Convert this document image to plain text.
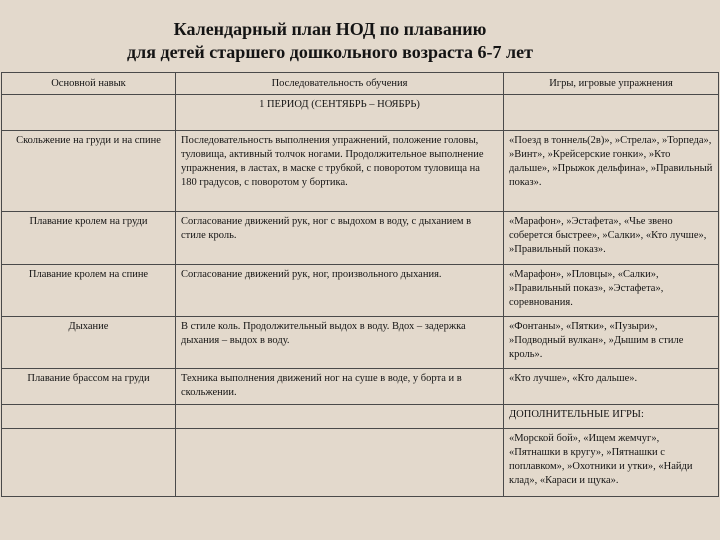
Календарный план НОД по плаванию
для детей старшего дошкольного возраста 6-7 лет
Основной навык	Последовательность обучения	Игры, игровые упражнения
	1 ПЕРИОД (СЕНТЯБРЬ – НОЯБРЬ)	
Скольжение на груди и на спине	Последовательность выполнения упражнений, положение головы, туловища, активный толчок ногами. Продолжительное выполнение упражнения, в ластах, в маске с трубкой, с поворотом туловища на 180 градусов, с поворотом у бортика.	«Поезд в тоннель(2в)», »Стрела», »Торпеда», »Винт», »Крейсерские гонки», »Кто дальше», »Прыжок дельфина», »Правильный показ».
Плавание кролем на груди	Согласование движений рук, ног с выдохом в воду, с дыханием в стиле кроль.	«Марафон», »Эстафета», «Чье звено соберется быстрее», »Салки», «Кто лучше», »Правильный показ».
Плавание кролем на спине	Согласование движений рук, ног, произвольного дыхания.	«Марафон», »Пловцы», «Салки», »Правильный показ», »Эстафета», соревнования.
Дыхание	В стиле коль. Продолжительный выдох в воду. Вдох – задержка дыхания – выдох в воду.	«Фонтаны», «Пятки», «Пузыри», »Подводный вулкан», »Дышим в стиле кроль».
Плавание брассом на груди	Техника выполнения движений ног на суше в воде, у борта и в скольжении.	«Кто лучше», «Кто дальше».
		ДОПОЛНИТЕЛЬНЫЕ ИГРЫ:
		«Морской бой», «Ищем жемчуг», «Пятнашки в кругу», »Пятнашки с поплавком», »Охотники и утки», «Найди клад», «Караси и щука».
